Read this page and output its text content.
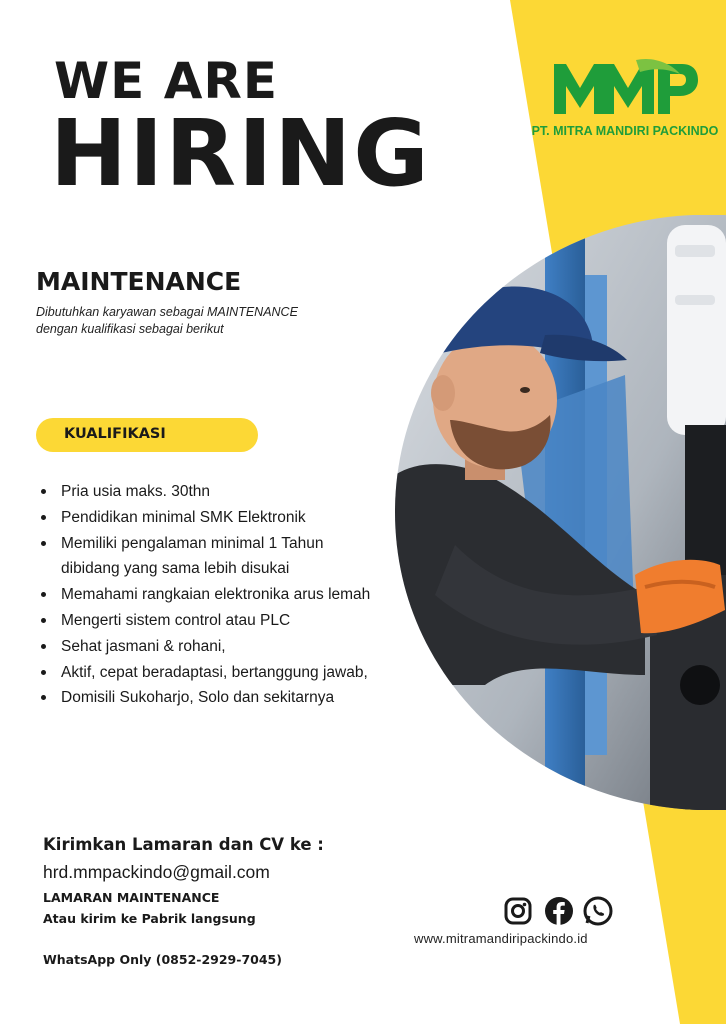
WE ARE
HIRING	PT. MITRA MANDIRI PACKINDO
MAINTENANCE
Dibutuhkan karyawan sebagai MAINTENANCE
dengan kualifikasi sebagai berikut
KUALIFIKASI
Pria usia maks. 30thn
Pendidikan minimal SMK Elektronik
Memiliki pengalaman minimal 1 Tahun dibidang yang sama lebih disukai
Memahami rangkaian elektronika arus lemah
Mengerti sistem control atau PLC
Sehat jasmani & rohani,
Aktif, cepat beradaptasi, bertanggung jawab,
Domisili Sukoharjo, Solo dan sekitarnya
Kirimkan Lamaran dan CV ke :
hrd.mmpackindo@gmail.com
LAMARAN MAINTENANCE
Atau kirim ke Pabrik langsung
WhatsApp Only (0852-2929-7045)
www.mitramandiripackindo.id
